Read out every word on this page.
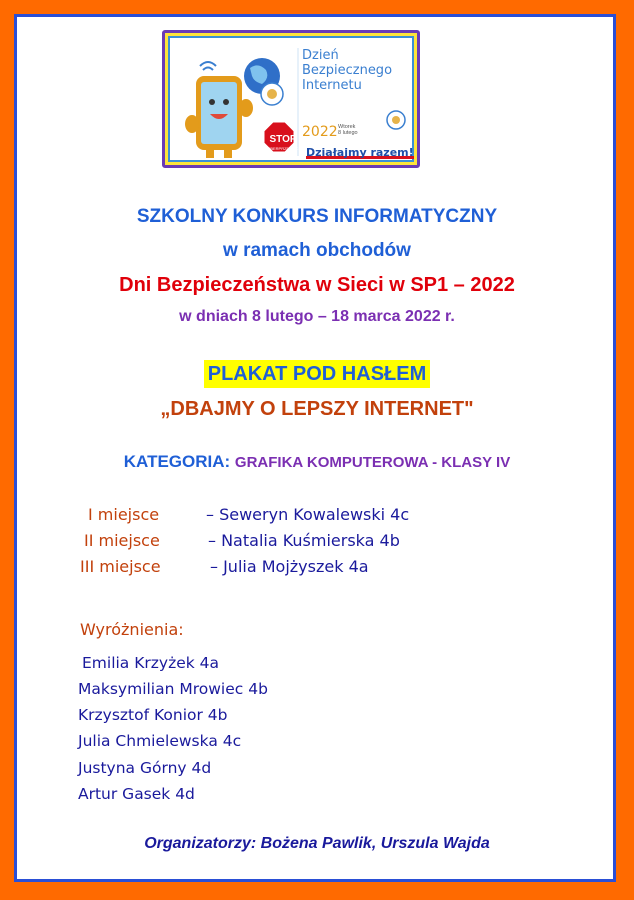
Dzień
Bezpiecznego
Internetu
2022 Wtorek
8 lutego
Działajmy razem!
STOP
CYBERPRZEMOCY
SZKOLNY KONKURS INFORMATYCZNY
w ramach obchodów
Dni Bezpieczeństwa w Sieci w SP1 – 2022
w dniach 8 lutego – 18 marca 2022 r.
PLAKAT POD HASŁEM
„DBAJMY O LEPSZY INTERNET"
KATEGORIA: GRAFIKA KOMPUTEROWA - KLASY IV
I miejsce	– Seweryn Kowalewski 4c
II miejsce	– Natalia Kuśmierska 4b
III miejsce	– Julia Mojżyszek 4a
Wyróżnienia:
Emilia Krzyżek 4a
Maksymilian Mrowiec 4b
Krzysztof Konior 4b
Julia Chmielewska 4c
Justyna Górny 4d
Artur Gasek 4d
Organizatorzy: Bożena Pawlik, Urszula Wajda
